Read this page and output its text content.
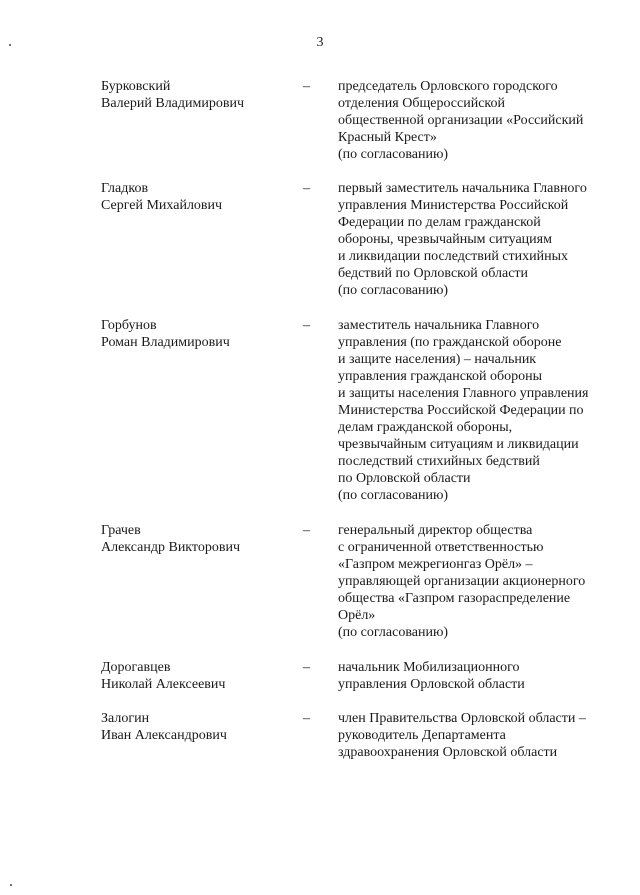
3
Бурковский
Валерий Владимирович
– председатель Орловского городского
отделения Общероссийской
общественной организации «Российский
Красный Крест»
(по согласованию)
Гладков
Сергей Михайлович
– первый заместитель начальника Главного
управления Министерства Российской
Федерации по делам гражданской
обороны, чрезвычайным ситуациям
и ликвидации последствий стихийных
бедствий по Орловской области
(по согласованию)
Горбунов
Роман Владимирович
– заместитель начальника Главного
управления (по гражданской обороне
и защите населения) – начальник
управления гражданской обороны
и защиты населения Главного управления
Министерства Российской Федерации по
делам гражданской обороны,
чрезвычайным ситуациям и ликвидации
последствий стихийных бедствий
по Орловской области
(по согласованию)
Грачев
Александр Викторович
– генеральный директор общества
с ограниченной ответственностью
«Газпром межрегионгаз Орёл» –
управляющей организации акционерного
общества «Газпром газораспределение
Орёл»
(по согласованию)
Дорогавцев
Николай Алексеевич
– начальник Мобилизационного
управления Орловской области
Залогин
Иван Александрович
– член Правительства Орловской области –
руководитель Департамента
здравоохранения Орловской области
